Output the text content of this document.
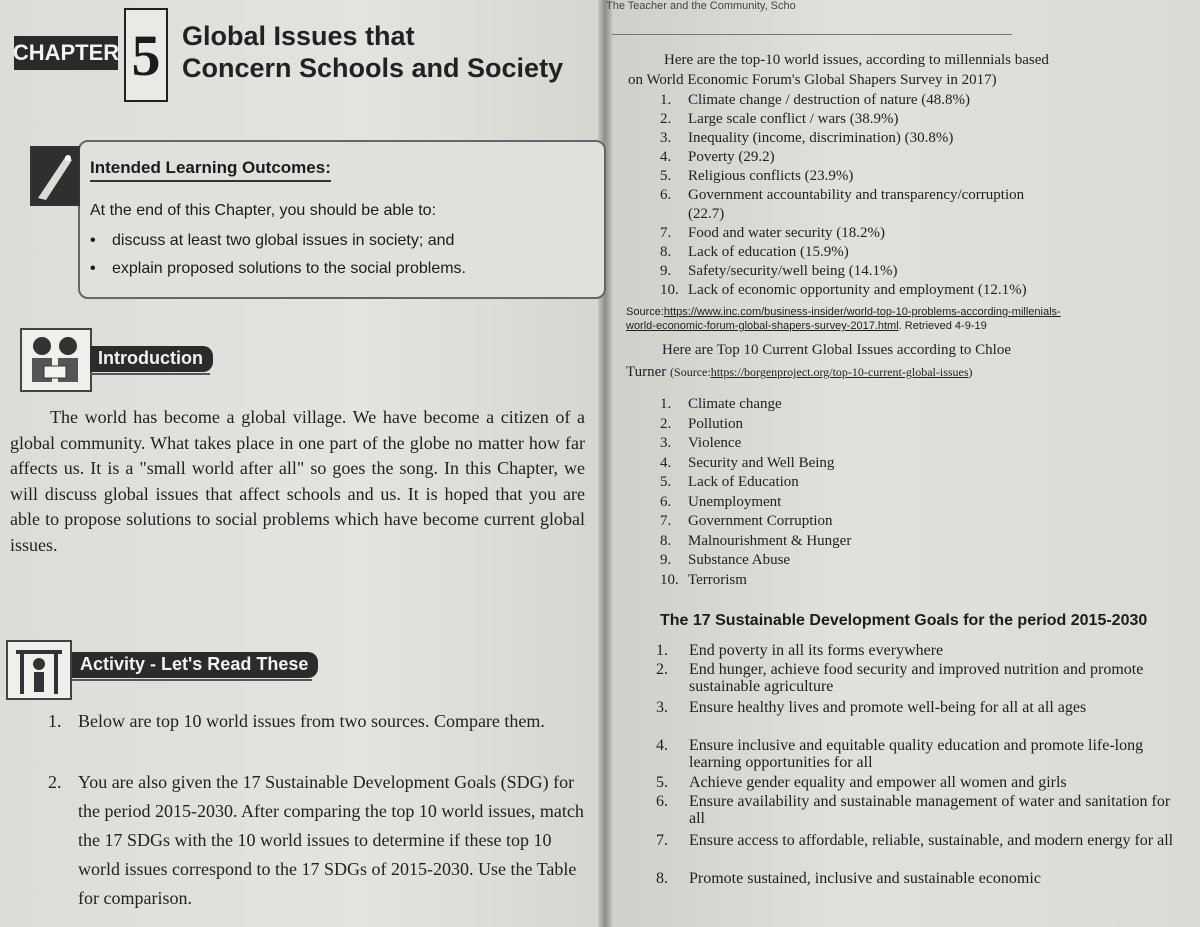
The Teacher and the Community, Scho
CHAPTER 5 Global Issues that
Concern Schools and Society
Intended Learning Outcomes:
At the end of this Chapter, you should be able to:
• discuss at least two global issues in society; and
• explain proposed solutions to the social problems.
Introduction
The world has become a global village. We have become a citizen of a global community. What takes place in one part of the globe no matter how far affects us. It is a "small world after all" so goes the song. In this Chapter, we will discuss global issues that affect schools and us. It is hoped that you are able to propose solutions to social problems which have become current global issues.
Activity - Let's Read These
1. Below are top 10 world issues from two sources. Compare them.
2. You are also given the 17 Sustainable Development Goals (SDG) for the period 2015-2030. After comparing the top 10 world issues, match the 17 SDGs with the 10 world issues to determine if these top 10 world issues correspond to the 17 SDGs of 2015-2030. Use the Table for comparison.
Here are the top-10 world issues, according to millennials based
on World Economic Forum's Global Shapers Survey in 2017)
1. Climate change / destruction of nature (48.8%)
2. Large scale conflict / wars (38.9%)
3. Inequality (income, discrimination) (30.8%)
4. Poverty (29.2)
5. Religious conflicts (23.9%)
6. Government accountability and transparency/corruption
(22.7)
7. Food and water security (18.2%)
8. Lack of education (15.9%)
9. Safety/security/well being (14.1%)
10. Lack of economic opportunity and employment (12.1%)
Source:https://www.inc.com/business-insider/world-top-10-problems-according-millenials-
world-economic-forum-global-shapers-survey-2017.html. Retrieved 4-9-19
Here are Top 10 Current Global Issues according to Chloe
Turner (Source:https://borgenproject.org/top-10-current-global-issues)
1. Climate change
2. Pollution
3. Violence
4. Security and Well Being
5. Lack of Education
6. Unemployment
7. Government Corruption
8. Malnourishment & Hunger
9. Substance Abuse
10. Terrorism
The 17 Sustainable Development Goals for the period 2015-2030
1. End poverty in all its forms everywhere
2. End hunger, achieve food security and improved nutrition and promote sustainable agriculture
3. Ensure healthy lives and promote well-being for all at all ages
4. Ensure inclusive and equitable quality education and promote life-long learning opportunities for all
5. Achieve gender equality and empower all women and girls
6. Ensure availability and sustainable management of water and sanitation for all
7. Ensure access to affordable, reliable, sustainable, and modern energy for all
8. Promote sustained, inclusive and sustainable economic
